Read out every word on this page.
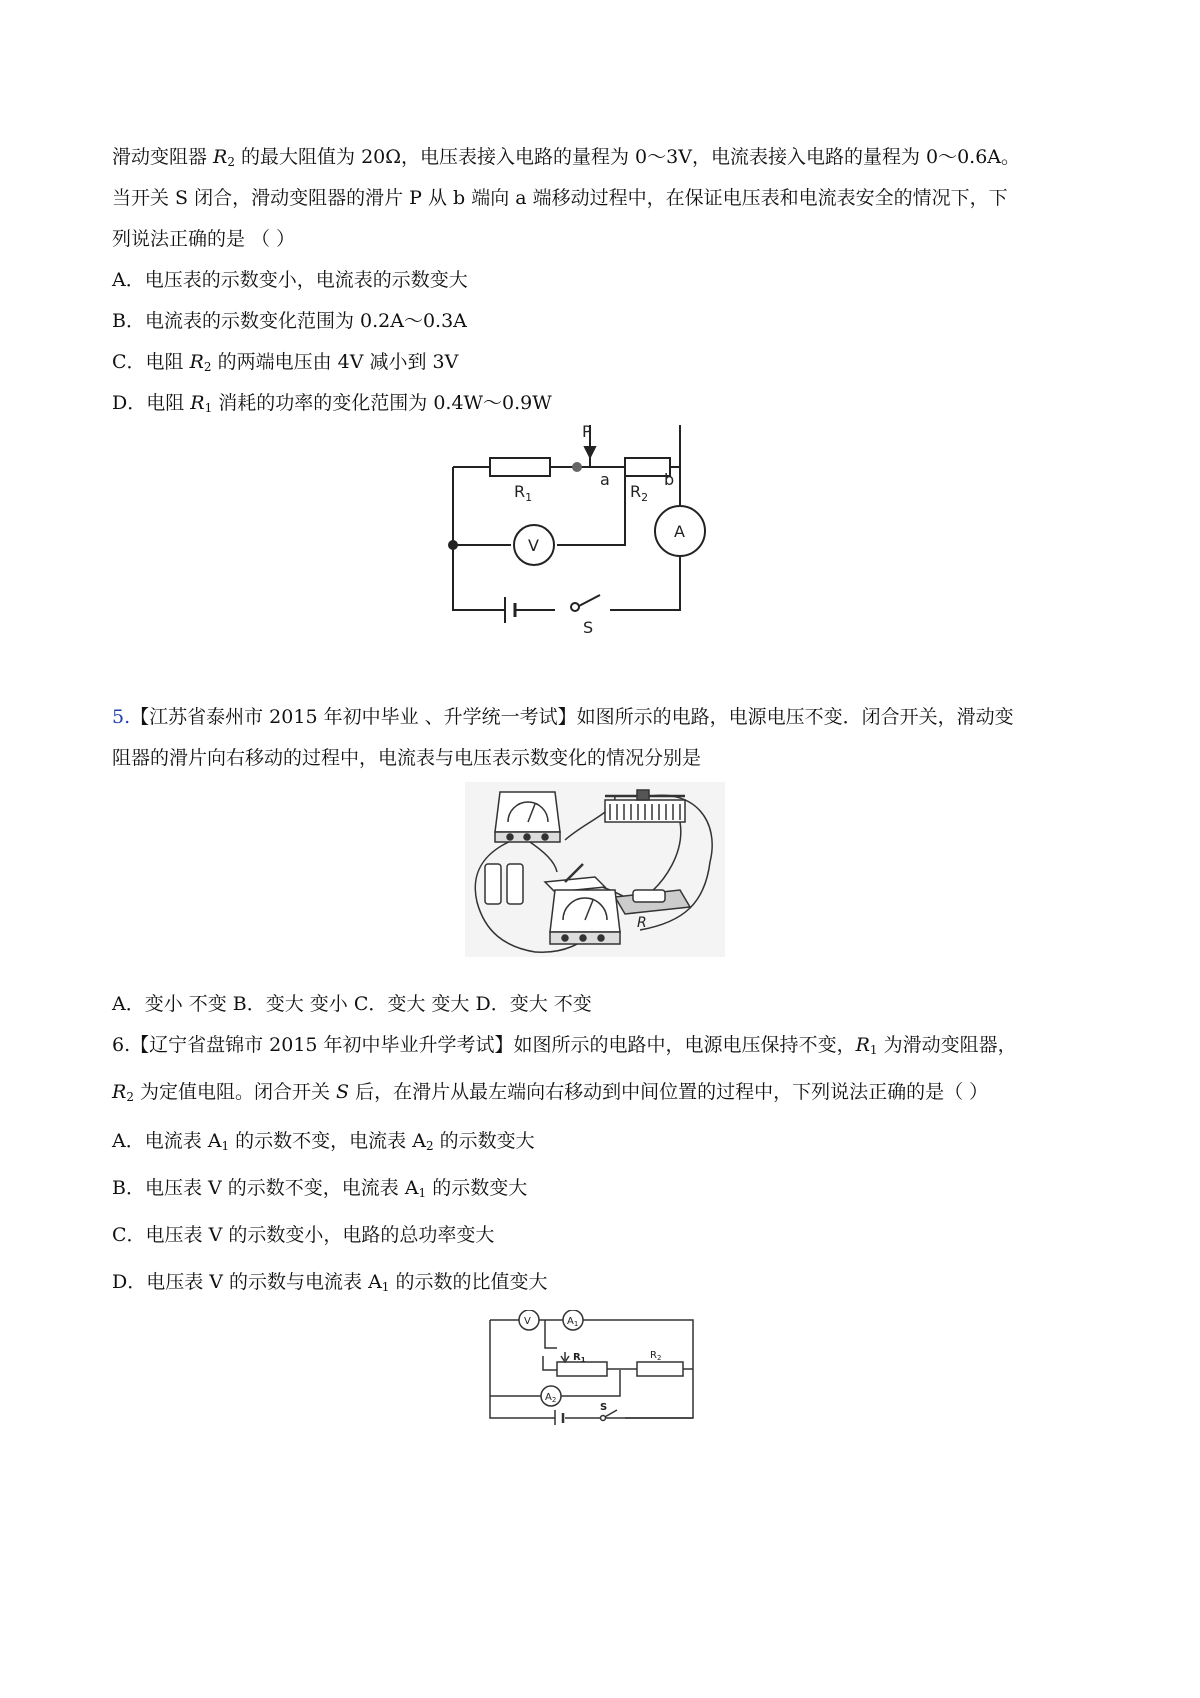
滑动变阻器 $R_2$ 的最大阻值为 20Ω，电压表接入电路的量程为 0～3V，电流表接入电路的量程为 0～0.6A。
当开关 S 闭合，滑动变阻器的滑片 P 从 b 端向 a 端移动过程中，在保证电压表和电流表安全的情况下，下
列说法正确的是 （ ）
A．电压表的示数变小，电流表的示数变大
B．电流表的示数变化范围为 0.2A～0.3A
C．电阻 $R_2$ 的两端电压由 4V 减小到 3V
D．电阻 $R_1$ 消耗的功率的变化范围为 0.4W～0.9W
$R_1$	$R_2$
P
a	b
V
A
S
5.【江苏省泰州市 2015 年初中毕业 、升学统一考试】如图所示的电路，电源电压不变．闭合开关，滑动变
阻器的滑片向右移动的过程中，电流表与电压表示数变化的情况分别是
R
A．变小 不变 B．变大 变小 C．变大 变大 D．变大 不变
6.【辽宁省盘锦市 2015 年初中毕业升学考试】如图所示的电路中，电源电压保持不变，$R_1$ 为滑动变阻器，
$R_2$ 为定值电阻。闭合开关 S 后，在滑片从最左端向右移动到中间位置的过程中，下列说法正确的是（ ）
A．电流表 $A_1$ 的示数不变，电流表 $A_2$ 的示数变大
B．电压表 V 的示数不变，电流表 $A_1$ 的示数变大
C．电压表 V 的示数变小，电路的总功率变大
D．电压表 V 的示数与电流表 $A_1$ 的示数的比值变大
V	$A_1$
$A_2$
$R_1$	$R_2$
S
